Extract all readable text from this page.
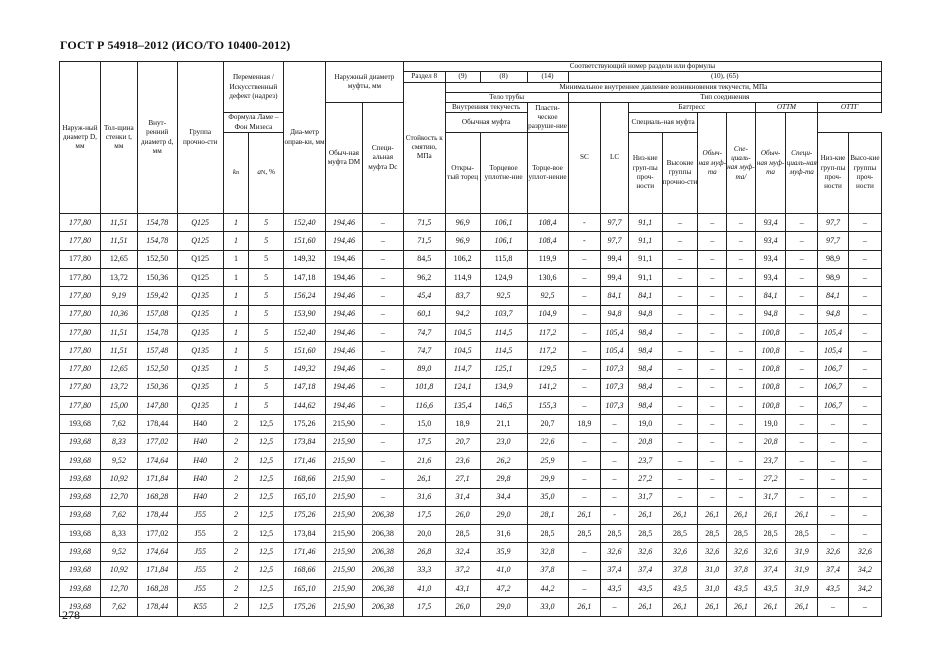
ГОСТ Р 54918–2012 (ИСО/ТО 10400-2012)
Наруж-ный диаметр D, мм	Тол-щина стенки t, мм	Внут-ренний диаметр d, мм	Группа прочно-сти	Переменная /Искусственный дефект (надрез)		Диа-метр опрaв-ки, мм	Наружный диаметр муфты, мм		Соответствующий номер раздели или формулы													
									Раздел 8	(9)	(8)	(14)	(10), (65)									
									Стойкость к смятию, МПа	Минимальное внутреннее давление возникновения текучести, МПа												
										Тело трубы			Тип соединения									
							Обыч-ная муфта DM	Специ-альная муфта Dc		Внутренняя текучесть		Пласти-ческое разруше-ние	SC	LC	Баттресс				ОТТМ		ОТТГ	
				Формула Ламе – Фон Мизеса						Обычная муфта					Специаль-ная муфта		Обыч-ная муф-та	Спе-циаль-ная муф-та/	Обыч-ная муф-та	Специ-циаль-ная муф-та		
				kn	aN, %					Откры-тый торец	Торцевое уплотне-ние	Торце-вое уплот-нение			Низ-кие груп-пы проч-ности	Высокие группы прочно-сти					Низ-кие груп-пы проч-ности	Высо-кие группы проч-ности
177,80	11,51	154,78	Q125	1	5	152,40	194,46	–	71,5	96,9	106,1	108,4	-	97,7	91,1	–	–	–	93,4	–	97,7	–
177,80	11,51	154,78	Q125	1	5	151,60	194,46	–	71,5	96,9	106,1	108,4	-	97,7	91,1	–	–	–	93,4	–	97,7	–
177,80	12,65	152,50	Q125	1	5	149,32	194,46	–	84,5	106,2	115,8	119,9	–	99,4	91,1	–	–	–	93,4	–	98,9	–
177,80	13,72	150,36	Q125	1	5	147,18	194,46	–	96,2	114,9	124,9	130,6	–	99,4	91,1	–	–	–	93,4	–	98,9	–
177,80	9,19	159,42	Q135	1	5	156,24	194,46	–	45,4	83,7	92,5	92,5	–	84,1	84,1	–	–	–	84,1	–	84,1	–
177,80	10,36	157,08	Q135	1	5	153,90	194,46	–	60,1	94,2	103,7	104,9	–	94,8	94,8	–	–	–	94,8	–	94,8	–
177,80	11,51	154,78	Q135	1	5	152,40	194,46	–	74,7	104,5	114,5	117,2	–	105,4	98,4	–	–	–	100,8	–	105,4	–
177,80	11,51	157,48	Q135	1	5	151,60	194,46	–	74,7	104,5	114,5	117,2	–	105,4	98,4	–	–	–	100,8	–	105,4	–
177,80	12,65	152,50	Q135	1	5	149,32	194,46	–	89,0	114,7	125,1	129,5	–	107,3	98,4	–	–	–	100,8	–	106,7	–
177,80	13,72	150,36	Q135	1	5	147,18	194,46	–	101,8	124,1	134,9	141,2	–	107,3	98,4	–	–	–	100,8	–	106,7	–
177,80	15,00	147,80	Q135	1	5	144,62	194,46	–	116,6	135,4	146,5	155,3	–	107,3	98,4	–	–	–	100,8	–	106,7	–
193,68	7,62	178,44	H40	2	12,5	175,26	215,90	–	15,0	18,9	21,1	20,7	18,9	–	19,0	–	–	–	19,0	–	–	–
193,68	8,33	177,02	H40	2	12,5	173,84	215,90	–	17,5	20,7	23,0	22,6	–	–	20,8	–	–	–	20,8	–	–	–
193,68	9,52	174,64	H40	2	12,5	171,46	215,90	–	21,6	23,6	26,2	25,9	–	–	23,7	–	–	–	23,7	–	–	–
193,68	10,92	171,84	H40	2	12,5	168,66	215,90	–	26,1	27,1	29,8	29,9	–	–	27,2	–	–	–	27,2	–	–	–
193,68	12,70	168,28	H40	2	12,5	165,10	215,90	–	31,6	31,4	34,4	35,0	–	–	31,7	–	–	–	31,7	–	–	–
193,68	7,62	178,44	J55	2	12,5	175,26	215,90	206,38	17,5	26,0	29,0	28,1	26,1	-	26,1	26,1	26,1	26,1	26,1	26,1	–	–
193,68	8,33	177,02	J55	2	12,5	173,84	215,90	206,38	20,0	28,5	31,6	28,5	28,5	28,5	28,5	28,5	28,5	28,5	28,5	28,5	–	–
193,68	9,52	174,64	J55	2	12,5	171,46	215,90	206,38	26,8	32,4	35,9	32,8	–	32,6	32,6	32,6	32,6	32,6	32,6	31,9	32,6	32,6
193,68	10,92	171,84	J55	2	12,5	168,66	215,90	206,38	33,3	37,2	41,0	37,8	–	37,4	37,4	37,8	31,0	37,8	37,4	31,9	37,4	34,2
193,68	12,70	168,28	J55	2	12,5	165,10	215,90	206,38	41,0	43,1	47,2	44,2	–	43,5	43,5	43,5	31,0	43,5	43,5	31,9	43,5	34,2
193,68	7,62	178,44	K55	2	12,5	175,26	215,90	206,38	17,5	26,0	29,0	33,0	26,1	–	26,1	26,1	26,1	26,1	26,1	26,1	–	–
278
